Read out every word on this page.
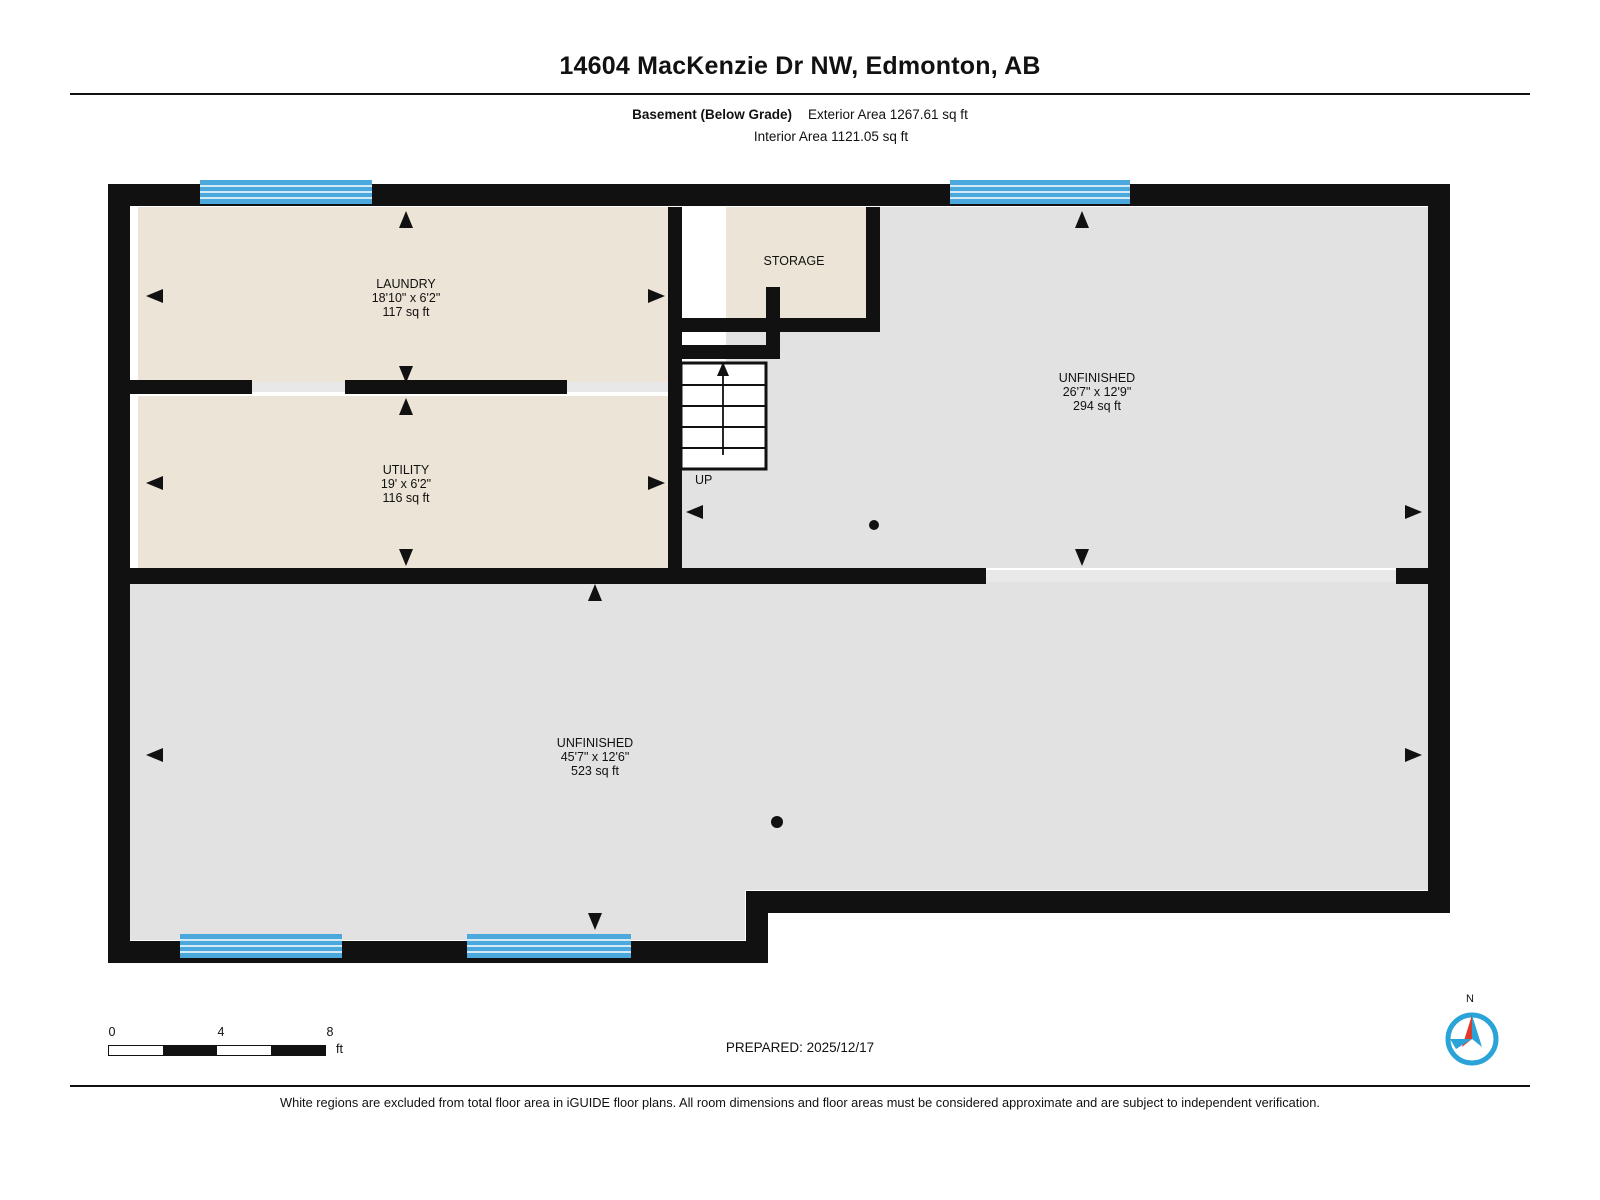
14604 MacKenzie Dr NW, Edmonton, AB
Basement (Below Grade) Exterior Area 1267.61 sq ft
Interior Area 1121.05 sq ft
LAUNDRY
18'10" x 6'2"
117 sq ft
STORAGE
UNFINISHED
26'7" x 12'9"
294 sq ft
UTILITY
19' x 6'2"
116 sq ft
UNFINISHED
45'7" x 12'6"
523 sq ft
UP
0	4	8
ft	PREPARED: 2025/12/17
N
White regions are excluded from total floor area in iGUIDE floor plans. All room dimensions and floor areas must be considered approximate and are subject to independent verification.
